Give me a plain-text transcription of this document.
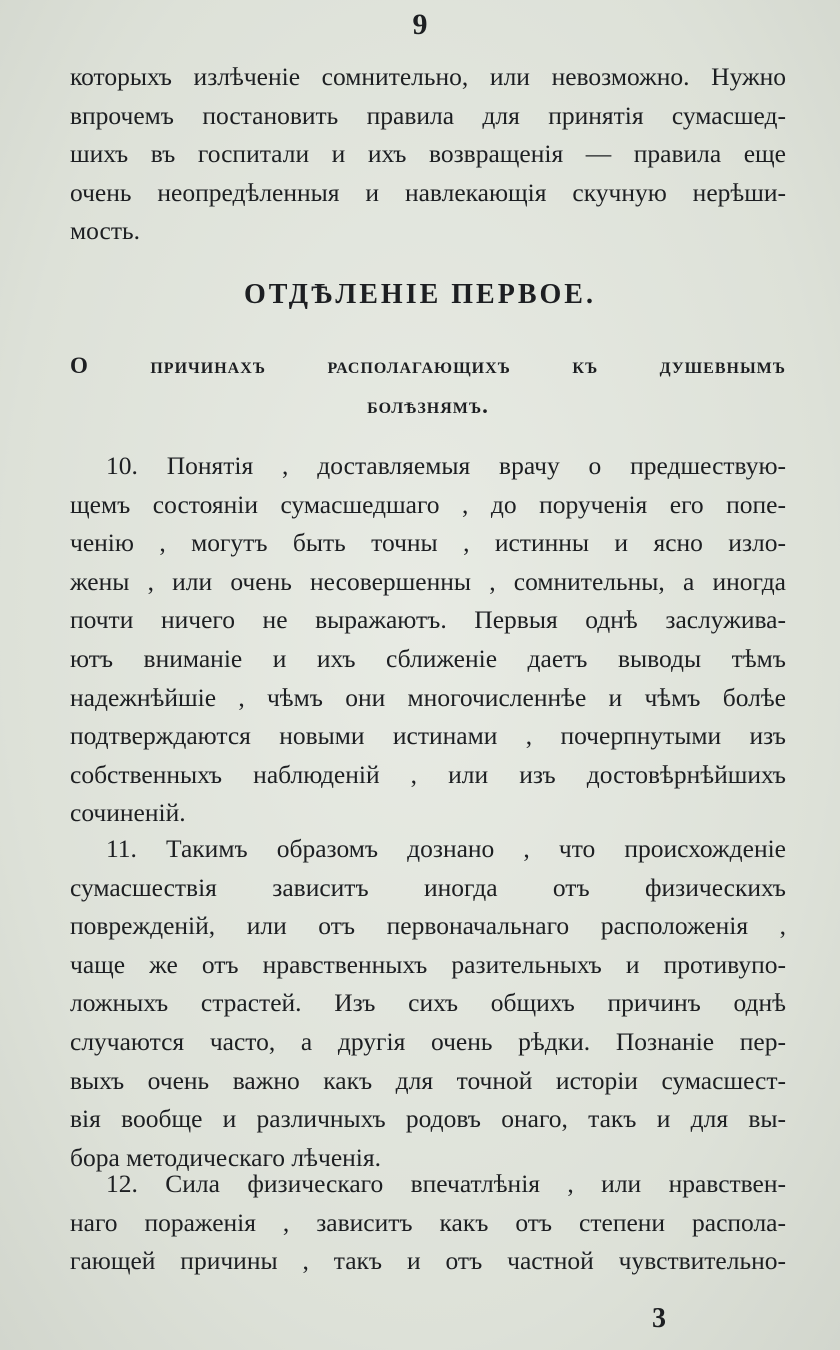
9
которыхъ излѣченіе сомнительно, или невозможно. Нужно
впрочемъ постановить правила для принятія сумасшед-
шихъ въ госпитали и ихъ возвращенія — правила еще
очень неопредѣленныя и навлекающія скучную нерѣши-
мость.
ОТДѢЛЕНІЕ ПЕРВОЕ.
О причинахъ располагающихъ къ душевнымъ
болѣзнямъ.
10. Понятія , доставляемыя врачу о предшествую-
щемъ состояніи сумасшедшаго , до порученія его попе-
ченію , могутъ быть точны , истинны и ясно изло-
жены , или очень несовершенны , сомнительны, а иногда
почти ничего не выражаютъ. Первыя однѣ заслужива-
ютъ вниманіе и ихъ сближеніе даетъ выводы тѣмъ
надежнѣйшіе , чѣмъ они многочисленнѣе и чѣмъ болѣе
подтверждаются новыми истинами , почерпнутыми изъ
собственныхъ наблюденій , или изъ достовѣрнѣйшихъ
сочиненій.
11. Такимъ образомъ дознано , что происхожденіе
сумасшествія зависитъ иногда отъ физическихъ
поврежденій, или отъ первоначальнаго расположенія ,
чаще же отъ нравственныхъ разительныхъ и противупо-
ложныхъ страстей. Изъ сихъ общихъ причинъ однѣ
случаются часто, а другія очень рѣдки. Познаніе пер-
выхъ очень важно какъ для точной исторіи сумасшест-
вія вообще и различныхъ родовъ онаго, такъ и для вы-
бора методическаго лѣченія.
12. Сила физическаго впечатлѣнія , или нравствен-
наго пораженія , зависитъ какъ отъ степени распола-
гающей причины , такъ и отъ частной чувствительно-
3
